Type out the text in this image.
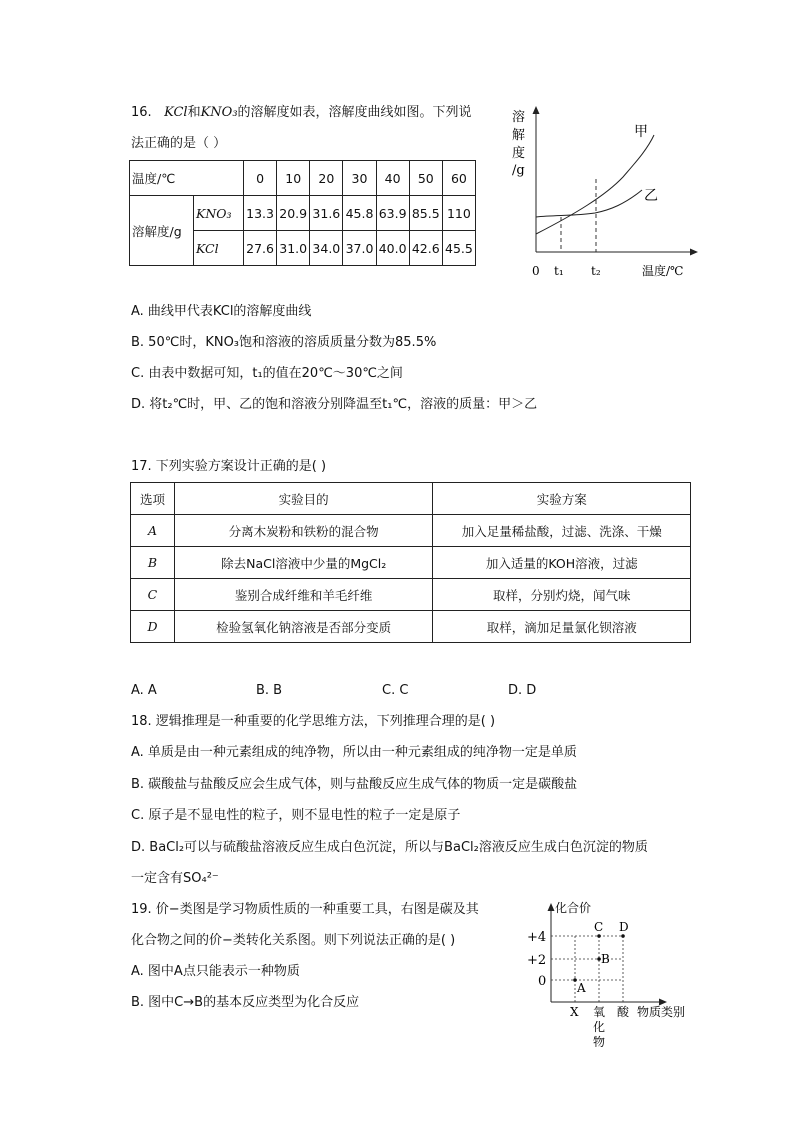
16. KCl和KNO₃的溶解度如表，溶解度曲线如图。下列说
法正确的是（ ）
温度/℃		0	10	20	30	40	50	60
溶解度/g	KNO₃	13.3	20.9	31.6	45.8	63.9	85.5	110
	KCl	27.6	31.0	34.0	37.0	40.0	42.6	45.5
溶
解
度
/g
甲
乙
0 t₁ t₂	温度/℃
A. 曲线甲代表KCl的溶解度曲线
B. 50℃时，KNO₃饱和溶液的溶质质量分数为85.5%
C. 由表中数据可知，t₁的值在20℃～30℃之间
D. 将t₂℃时，甲、乙的饱和溶液分别降温至t₁℃，溶液的质量：甲＞乙
17. 下列实验方案设计正确的是( )
选项	实验目的	实验方案
A	分离木炭粉和铁粉的混合物	加入足量稀盐酸，过滤、洗涤、干燥
B	除去NaCl溶液中少量的MgCl₂	加入适量的KOH溶液，过滤
C	鉴别合成纤维和羊毛纤维	取样，分别灼烧，闻气味
D	检验氢氧化钠溶液是否部分变质	取样，滴加足量氯化钡溶液
A. A	B. B	C. C	D. D
18. 逻辑推理是一种重要的化学思维方法，下列推理合理的是( )
A. 单质是由一种元素组成的纯净物，所以由一种元素组成的纯净物一定是单质
B. 碳酸盐与盐酸反应会生成气体，则与盐酸反应生成气体的物质一定是碳酸盐
C. 原子是不显电性的粒子，则不显电性的粒子一定是原子
D. BaCl₂可以与硫酸盐溶液反应生成白色沉淀，所以与BaCl₂溶液反应生成白色沉淀的物质
一定含有SO₄²⁻
19. 价−类图是学习物质性质的一种重要工具，右图是碳及其
化合物之间的价−类转化关系图。则下列说法正确的是( )
A. 图中A点只能表示一种物质
B. 图中C→B的基本反应类型为化合反应
化合价
+4
+2
0	A
B
C D
X 氧
化
物
酸 物质类别
